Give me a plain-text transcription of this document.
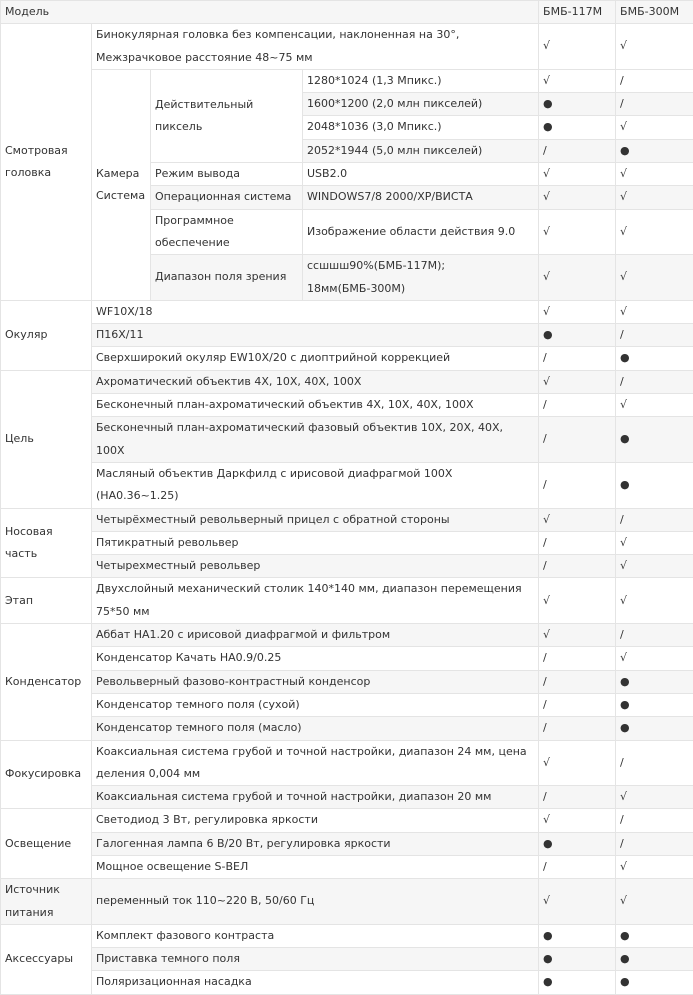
Модель				БМБ-117М	БМБ-300М
Смотровая головка	Бинокулярная головка без компенсации, наклоненная на 30°, Межзрачковое расстояние 48~75 мм			√	√
	Камера Система	Действительный пиксель	1280*1024 (1,3 Мпикс.)	√	/
			1600*1200 (2,0 млн пикселей)	●	/
			2048*1036 (3,0 Мпикс.)	●	√
			2052*1944 (5,0 млн пикселей)	/	●
		Режим вывода	USB2.0	√	√
		Операционная система	WINDOWS7/8 2000/XP/ВИСТА	√	√
		Программное обеспечение	Изображение области действия 9.0	√	√
		Диапазон поля зрения	ссшшш90%(БМБ-117М); 18мм(БМБ-300М)	√	√
Окуляр	WF10X/18			√	√
	П16X/11			●	/
	Сверхширокий окуляр EW10X/20 с диоптрийной коррекцией			/	●
Цель	Ахроматический объектив 4X, 10X, 40X, 100X			√	/
	Бесконечный план-ахроматический объектив 4X, 10X, 40X, 100X			/	√
	Бесконечный план-ахроматический фазовый объектив 10X, 20X, 40X, 100X			/	●
	Масляный объектив Даркфилд с ирисовой диафрагмой 100X (НА0.36~1.25)			/	●
Носовая часть	Четырёхместный револьверный прицел с обратной стороны			√	/
	Пятикратный револьвер			/	√
	Четырехместный револьвер			/	√
Этап	Двухслойный механический столик 140*140 мм, диапазон перемещения 75*50 мм			√	√
Конденсатор	Аббат НА1.20 с ирисовой диафрагмой и фильтром			√	/
	Конденсатор Качать НА0.9/0.25			/	√
	Револьверный фазово-контрастный конденсор			/	●
	Конденсатор темного поля (сухой)			/	●
	Конденсатор темного поля (масло)			/	●
Фокусировка	Коаксиальная система грубой и точной настройки, диапазон 24 мм, цена деления 0,004 мм			√	/
	Коаксиальная система грубой и точной настройки, диапазон 20 мм			/	√
Освещение	Светодиод 3 Вт, регулировка яркости			√	/
	Галогенная лампа 6 В/20 Вт, регулировка яркости			●	/
	Мощное освещение S-ВЕЛ			/	√
Источник питания	переменный ток 110~220 В, 50/60 Гц			√	√
Аксессуары	Комплект фазового контраста			●	●
	Приставка темного поля			●	●
	Поляризационная насадка			●	●
